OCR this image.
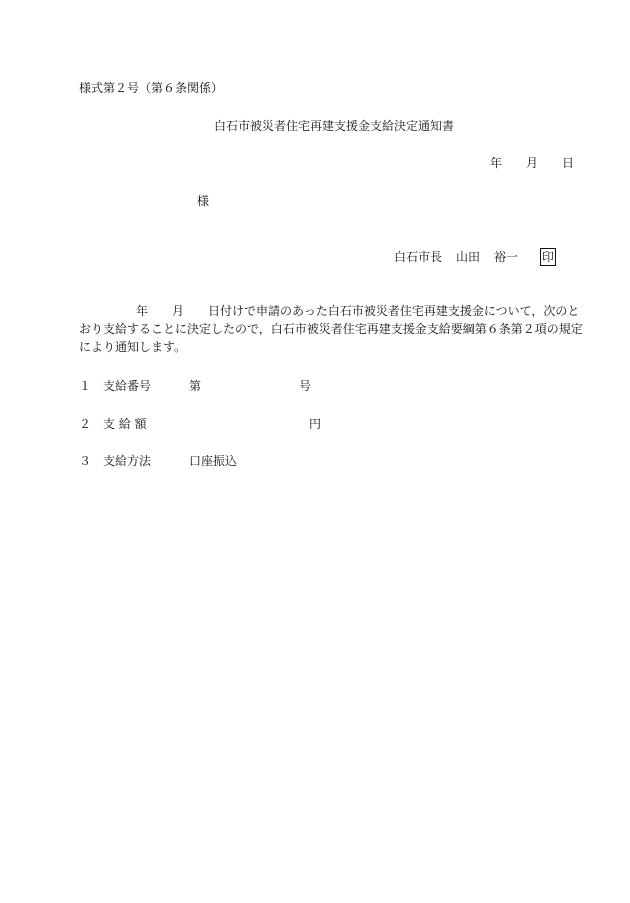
様式第２号（第６条関係）
白石市被災者住宅再建支援金支給決定通知書
年 月 日
様
白石市長 山田 裕一 印
年 月 日付けで申請のあった白石市被災者住宅再建支援金について，次のとおり支給することに決定したので，白石市被災者住宅再建支援金支給要綱第６条第２項の規定により通知します。
１ 支給番号	第	号
２ 支 給 額	円
３ 支給方法	口座振込
